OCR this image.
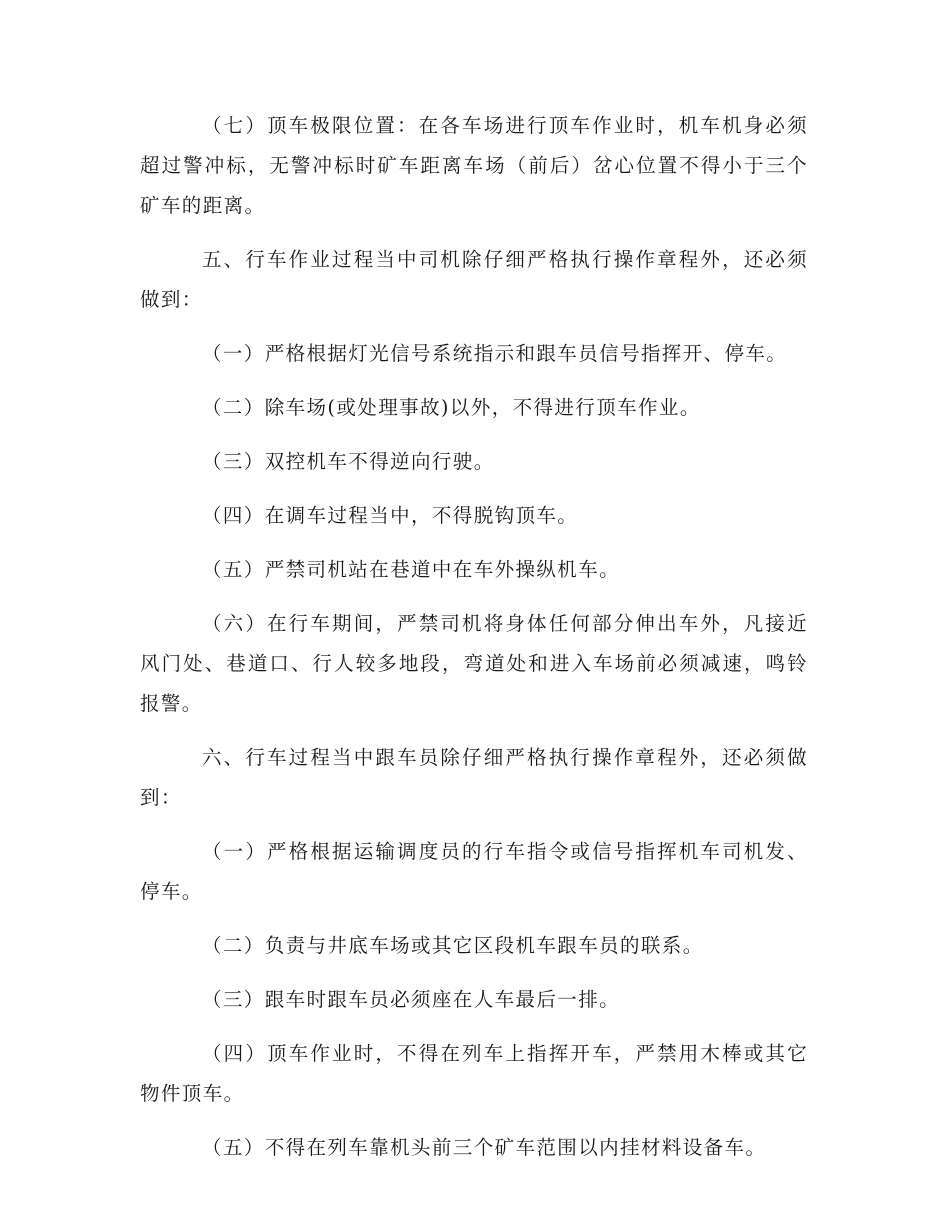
（七）顶车极限位置：在各车场进行顶车作业时，机车机身必须超过警冲标，无警冲标时矿车距离车场（前后）岔心位置不得小于三个矿车的距离。

五、行车作业过程当中司机除仔细严格执行操作章程外，还必须做到：

（一）严格根据灯光信号系统指示和跟车员信号指挥开、停车。

（二）除车场(或处理事故)以外，不得进行顶车作业。

（三）双控机车不得逆向行驶。

（四）在调车过程当中，不得脱钩顶车。

（五）严禁司机站在巷道中在车外操纵机车。

（六）在行车期间，严禁司机将身体任何部分伸出车外，凡接近风门处、巷道口、行人较多地段，弯道处和进入车场前必须减速，鸣铃报警。

六、行车过程当中跟车员除仔细严格执行操作章程外，还必须做到：

（一）严格根据运输调度员的行车指令或信号指挥机车司机发、停车。

（二）负责与井底车场或其它区段机车跟车员的联系。

（三）跟车时跟车员必须座在人车最后一排。

（四）顶车作业时，不得在列车上指挥开车，严禁用木棒或其它物件顶车。

（五）不得在列车靠机头前三个矿车范围以内挂材料设备车。
